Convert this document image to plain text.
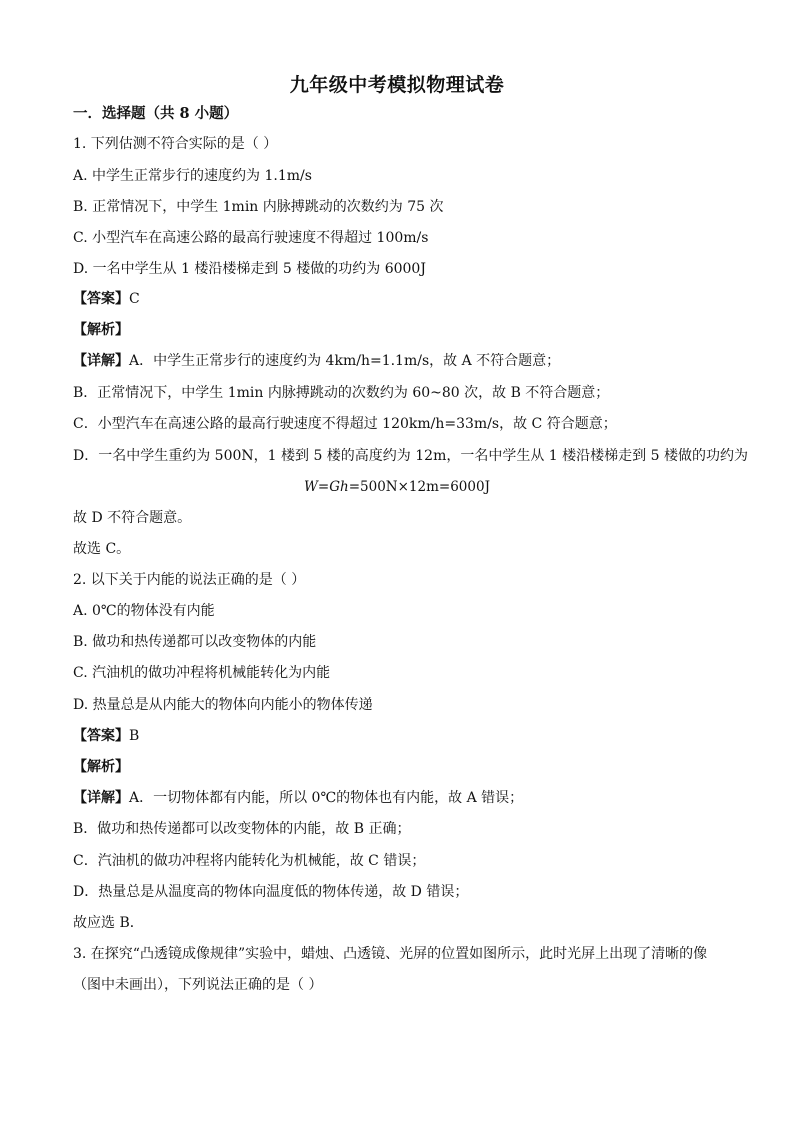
九年级中考模拟物理试卷
一．选择题（共 8 小题）
1. 下列估测不符合实际的是（ ）
A. 中学生正常步行的速度约为 1.1m/s
B. 正常情况下，中学生 1min 内脉搏跳动的次数约为 75 次
C. 小型汽车在高速公路的最高行驶速度不得超过 100m/s
D. 一名中学生从 1 楼沿楼梯走到 5 楼做的功约为 6000J
【答案】C
【解析】
【详解】A．中学生正常步行的速度约为 4km/h=1.1m/s，故 A 不符合题意；
B．正常情况下，中学生 1min 内脉搏跳动的次数约为 60~80 次，故 B 不符合题意；
C．小型汽车在高速公路的最高行驶速度不得超过 120km/h=33m/s，故 C 符合题意；
D．一名中学生重约为 500N，1 楼到 5 楼的高度约为 12m，一名中学生从 1 楼沿楼梯走到 5 楼做的功约为
W=Gh=500N×12m=6000J
故 D 不符合题意。
故选 C。
2. 以下关于内能的说法正确的是（ ）
A. 0℃的物体没有内能
B. 做功和热传递都可以改变物体的内能
C. 汽油机的做功冲程将机械能转化为内能
D. 热量总是从内能大的物体向内能小的物体传递
【答案】B
【解析】
【详解】A．一切物体都有内能，所以 0℃的物体也有内能，故 A 错误；
B．做功和热传递都可以改变物体的内能，故 B 正确；
C．汽油机的做功冲程将内能转化为机械能，故 C 错误；
D．热量总是从温度高的物体向温度低的物体传递，故 D 错误；
故应选 B．
3. 在探究“凸透镜成像规律”实验中，蜡烛、凸透镜、光屏的位置如图所示，此时光屏上出现了清晰的像
（图中未画出），下列说法正确的是（ ）
